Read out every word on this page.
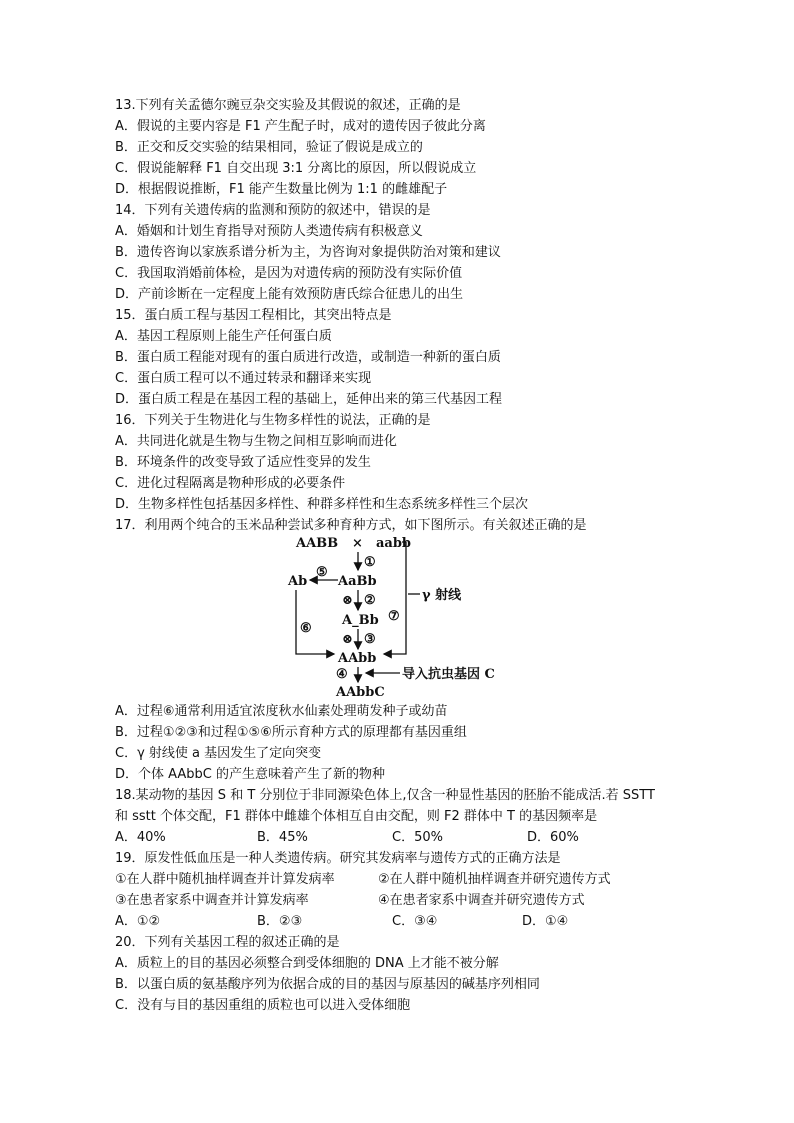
13.下列有关孟德尔豌豆杂交实验及其假说的叙述，正确的是
A．假说的主要内容是 F1 产生配子时，成对的遗传因子彼此分离
B．正交和反交实验的结果相同，验证了假说是成立的
C．假说能解释 F1 自交出现 3:1 分离比的原因，所以假说成立
D．根据假说推断，F1 能产生数量比例为 1:1 的雌雄配子
14．下列有关遗传病的监测和预防的叙述中，错误的是
A．婚姻和计划生育指导对预防人类遗传病有积极意义
B．遗传咨询以家族系谱分析为主，为咨询对象提供防治对策和建议
C．我国取消婚前体检，是因为对遗传病的预防没有实际价值
D．产前诊断在一定程度上能有效预防唐氏综合征患儿的出生
15．蛋白质工程与基因工程相比，其突出特点是
A．基因工程原则上能生产任何蛋白质
B．蛋白质工程能对现有的蛋白质进行改造，或制造一种新的蛋白质
C．蛋白质工程可以不通过转录和翻译来实现
D．蛋白质工程是在基因工程的基础上，延伸出来的第三代基因工程
16．下列关于生物进化与生物多样性的说法，正确的是
A．共同进化就是生物与生物之间相互影响而进化
B．环境条件的改变导致了适应性变异的发生
C．进化过程隔离是物种形成的必要条件
D．生物多样性包括基因多样性、种群多样性和生态系统多样性三个层次
17．利用两个纯合的玉米品种尝试多种育种方式，如下图所示。有关叙述正确的是
AABB × aabb
①
Ab
⑤
AaBb
⊗ ②
A_Bb
⊗ ③
AAbb
⑥
⑦
γ 射线
④	导入抗虫基因 C
AAbbC
A．过程⑥通常利用适宜浓度秋水仙素处理萌发种子或幼苗
B．过程①②③和过程①⑤⑥所示育种方式的原理都有基因重组
C．γ 射线使 a 基因发生了定向突变
D．个体 AAbbC 的产生意味着产生了新的物种
18.某动物的基因 S 和 T 分别位于非同源染色体上,仅含一种显性基因的胚胎不能成活.若 SSTT
和 sstt 个体交配，F1 群体中雌雄个体相互自由交配，则 F2 群体中 T 的基因频率是
A．40%	B．45%	C．50%	D．60%
19．原发性低血压是一种人类遗传病。研究其发病率与遗传方式的正确方法是
①在人群中随机抽样调查并计算发病率	②在人群中随机抽样调查并研究遗传方式
③在患者家系中调查并计算发病率	④在患者家系中调查并研究遗传方式
A．①②	B．②③	C．③④	D．①④
20．下列有关基因工程的叙述正确的是
A．质粒上的目的基因必须整合到受体细胞的 DNA 上才能不被分解
B．以蛋白质的氨基酸序列为依据合成的目的基因与原基因的碱基序列相同
C．没有与目的基因重组的质粒也可以进入受体细胞
